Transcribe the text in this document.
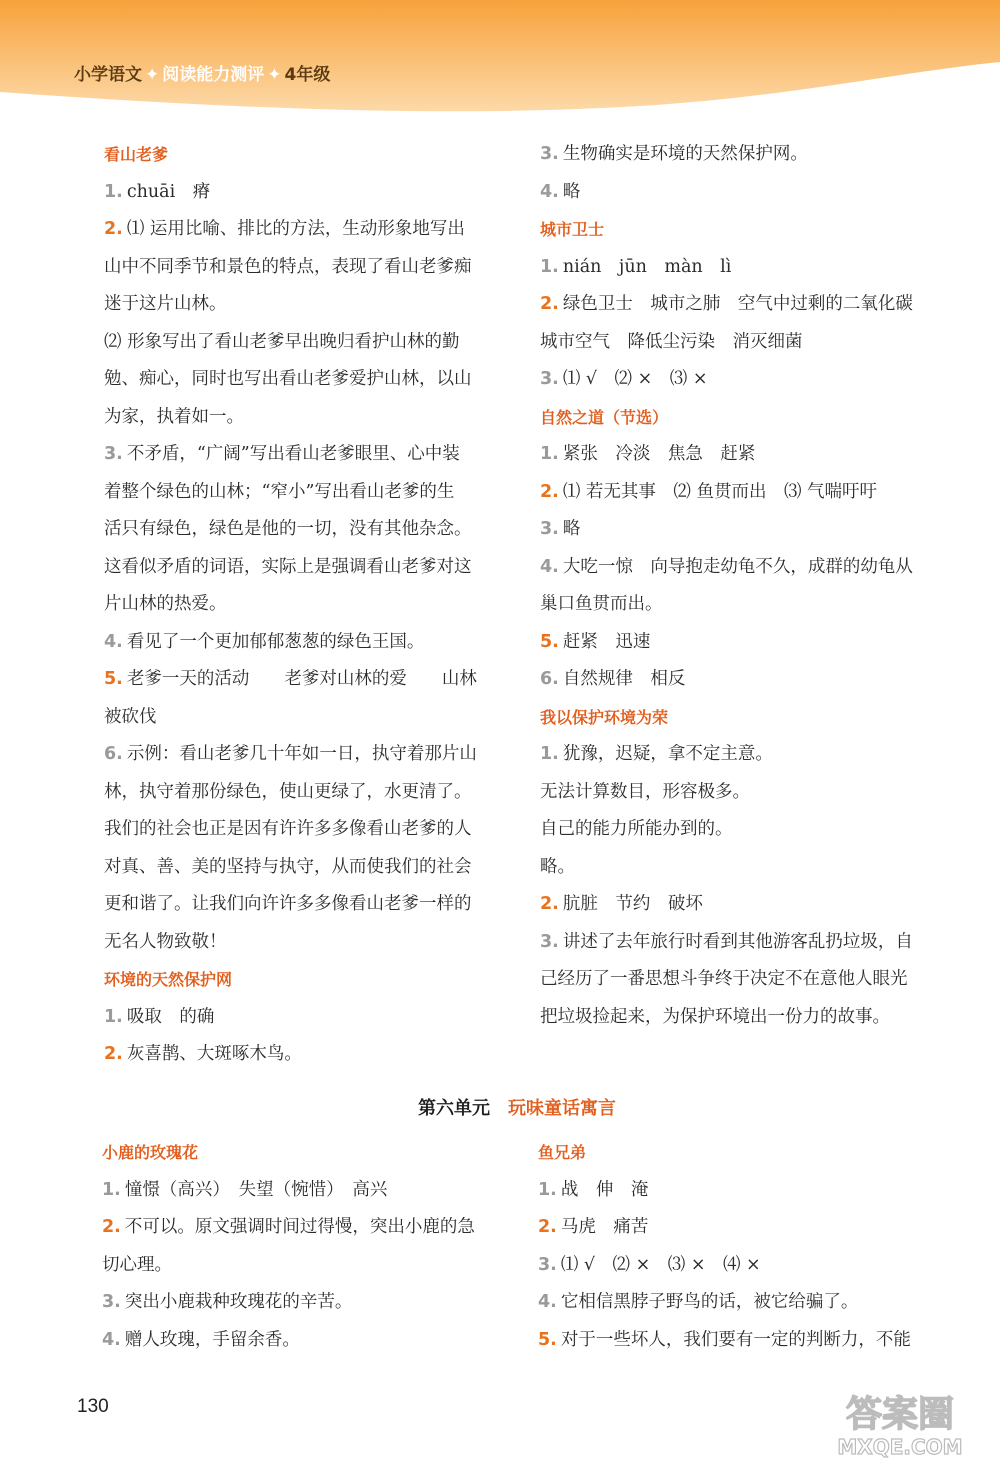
小学语文 ✦ 阅读能力测评 ✦ 4年级
看山老爹
1. chuāi　瘠
2. ⑴ 运用比喻、排比的方法，生动形象地写出
山中不同季节和景色的特点，表现了看山老爹痴
迷于这片山林。
⑵ 形象写出了看山老爹早出晚归看护山林的勤
勉、痴心，同时也写出看山老爹爱护山林，以山
为家，执着如一。
3. 不矛盾，“广阔”写出看山老爹眼里、心中装
着整个绿色的山林；“窄小”写出看山老爹的生
活只有绿色，绿色是他的一切，没有其他杂念。
这看似矛盾的词语，实际上是强调看山老爹对这
片山林的热爱。
4. 看见了一个更加郁郁葱葱的绿色王国。
5. 老爹一天的活动　　老爹对山林的爱　　山林
被砍伐
6. 示例：看山老爹几十年如一日，执守着那片山
林，执守着那份绿色，使山更绿了，水更清了。
我们的社会也正是因有许许多多像看山老爹的人
对真、善、美的坚持与执守，从而使我们的社会
更和谐了。让我们向许许多多像看山老爹一样的
无名人物致敬！
环境的天然保护网
1. 吸取　的确
2. 灰喜鹊、大斑啄木鸟。
3. 生物确实是环境的天然保护网。
4. 略
城市卫士
1. nián　jūn　màn　lì
2. 绿色卫士　城市之肺　空气中过剩的二氧化碳
城市空气　降低尘污染　消灭细菌
3. ⑴ √　⑵ ×　⑶ ×
自然之道（节选）
1. 紧张　冷淡　焦急　赶紧
2. ⑴ 若无其事　⑵ 鱼贯而出　⑶ 气喘吁吁
3. 略
4. 大吃一惊　向导抱走幼龟不久，成群的幼龟从
巢口鱼贯而出。
5. 赶紧　迅速
6. 自然规律　相反
我以保护环境为荣
1. 犹豫，迟疑，拿不定主意。
无法计算数目，形容极多。
自己的能力所能办到的。
略。
2. 肮脏　节约　破坏
3. 讲述了去年旅行时看到其他游客乱扔垃圾，自
己经历了一番思想斗争终于决定不在意他人眼光
把垃圾捡起来，为保护环境出一份力的故事。
第六单元 玩味童话寓言
小鹿的玫瑰花
1. 憧憬（高兴）　失望（惋惜）　高兴
2. 不可以。原文强调时间过得慢，突出小鹿的急
切心理。
3. 突出小鹿栽种玫瑰花的辛苦。
4. 赠人玫瑰，手留余香。
鱼兄弟
1. 战　伸　淹
2. 马虎　痛苦
3. ⑴ √　⑵ ×　⑶ ×　⑷ ×
4. 它相信黑脖子野鸟的话，被它给骗了。
5. 对于一些坏人，我们要有一定的判断力，不能
130	答案圈
MXQE.COM
